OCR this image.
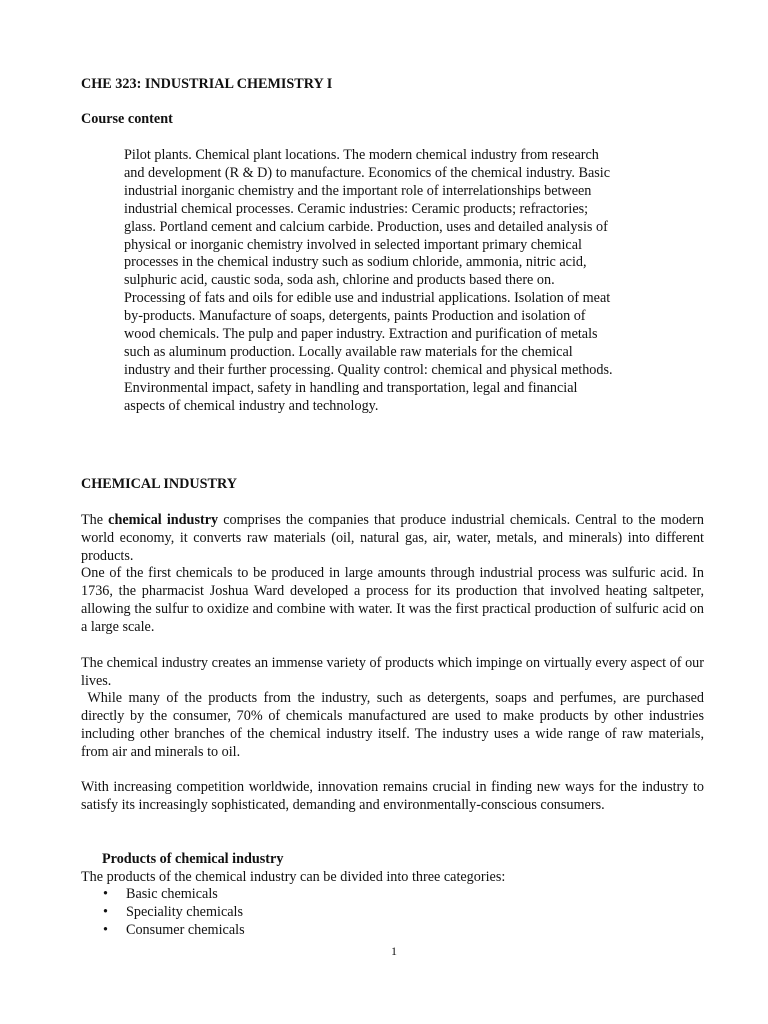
CHE 323: INDUSTRIAL CHEMISTRY I

Course content

Pilot plants. Chemical plant locations. The modern chemical industry from research and development (R & D) to manufacture. Economics of the chemical industry. Basic industrial inorganic chemistry and the important role of interrelationships between industrial chemical processes. Ceramic industries: Ceramic products; refractories; glass. Portland cement and calcium carbide. Production, uses and detailed analysis of physical or inorganic chemistry involved in selected important primary chemical processes in the chemical industry such as sodium chloride, ammonia, nitric acid, sulphuric acid, caustic soda, soda ash, chlorine and products based there on. Processing of fats and oils for edible use and industrial applications. Isolation of meat by-products. Manufacture of soaps, detergents, paints Production and isolation of wood chemicals. The pulp and paper industry. Extraction and purification of metals such as aluminum production. Locally available raw materials for the chemical industry and their further processing. Quality control: chemical and physical methods. Environmental impact, safety in handling and transportation, legal and financial aspects of chemical industry and technology.

CHEMICAL INDUSTRY

The chemical industry comprises the companies that produce industrial chemicals. Central to the modern world economy, it converts raw materials (oil, natural gas, air, water, metals, and minerals) into different products.

One of the first chemicals to be produced in large amounts through industrial process was sulfuric acid. In 1736, the pharmacist Joshua Ward developed a process for its production that involved heating saltpeter, allowing the sulfur to oxidize and combine with water. It was the first practical production of sulfuric acid on a large scale.

The chemical industry creates an immense variety of products which impinge on virtually every aspect of our lives.

While many of the products from the industry, such as detergents, soaps and perfumes, are purchased directly by the consumer, 70% of chemicals manufactured are used to make products by other industries including other branches of the chemical industry itself. The industry uses a wide range of raw materials, from air and minerals to oil.

With increasing competition worldwide, innovation remains crucial in finding new ways for the industry to satisfy its increasingly sophisticated, demanding and environmentally-conscious consumers.

Products of chemical industry

The products of the chemical industry can be divided into three categories:

• Basic chemicals
• Speciality chemicals
• Consumer chemicals
1
